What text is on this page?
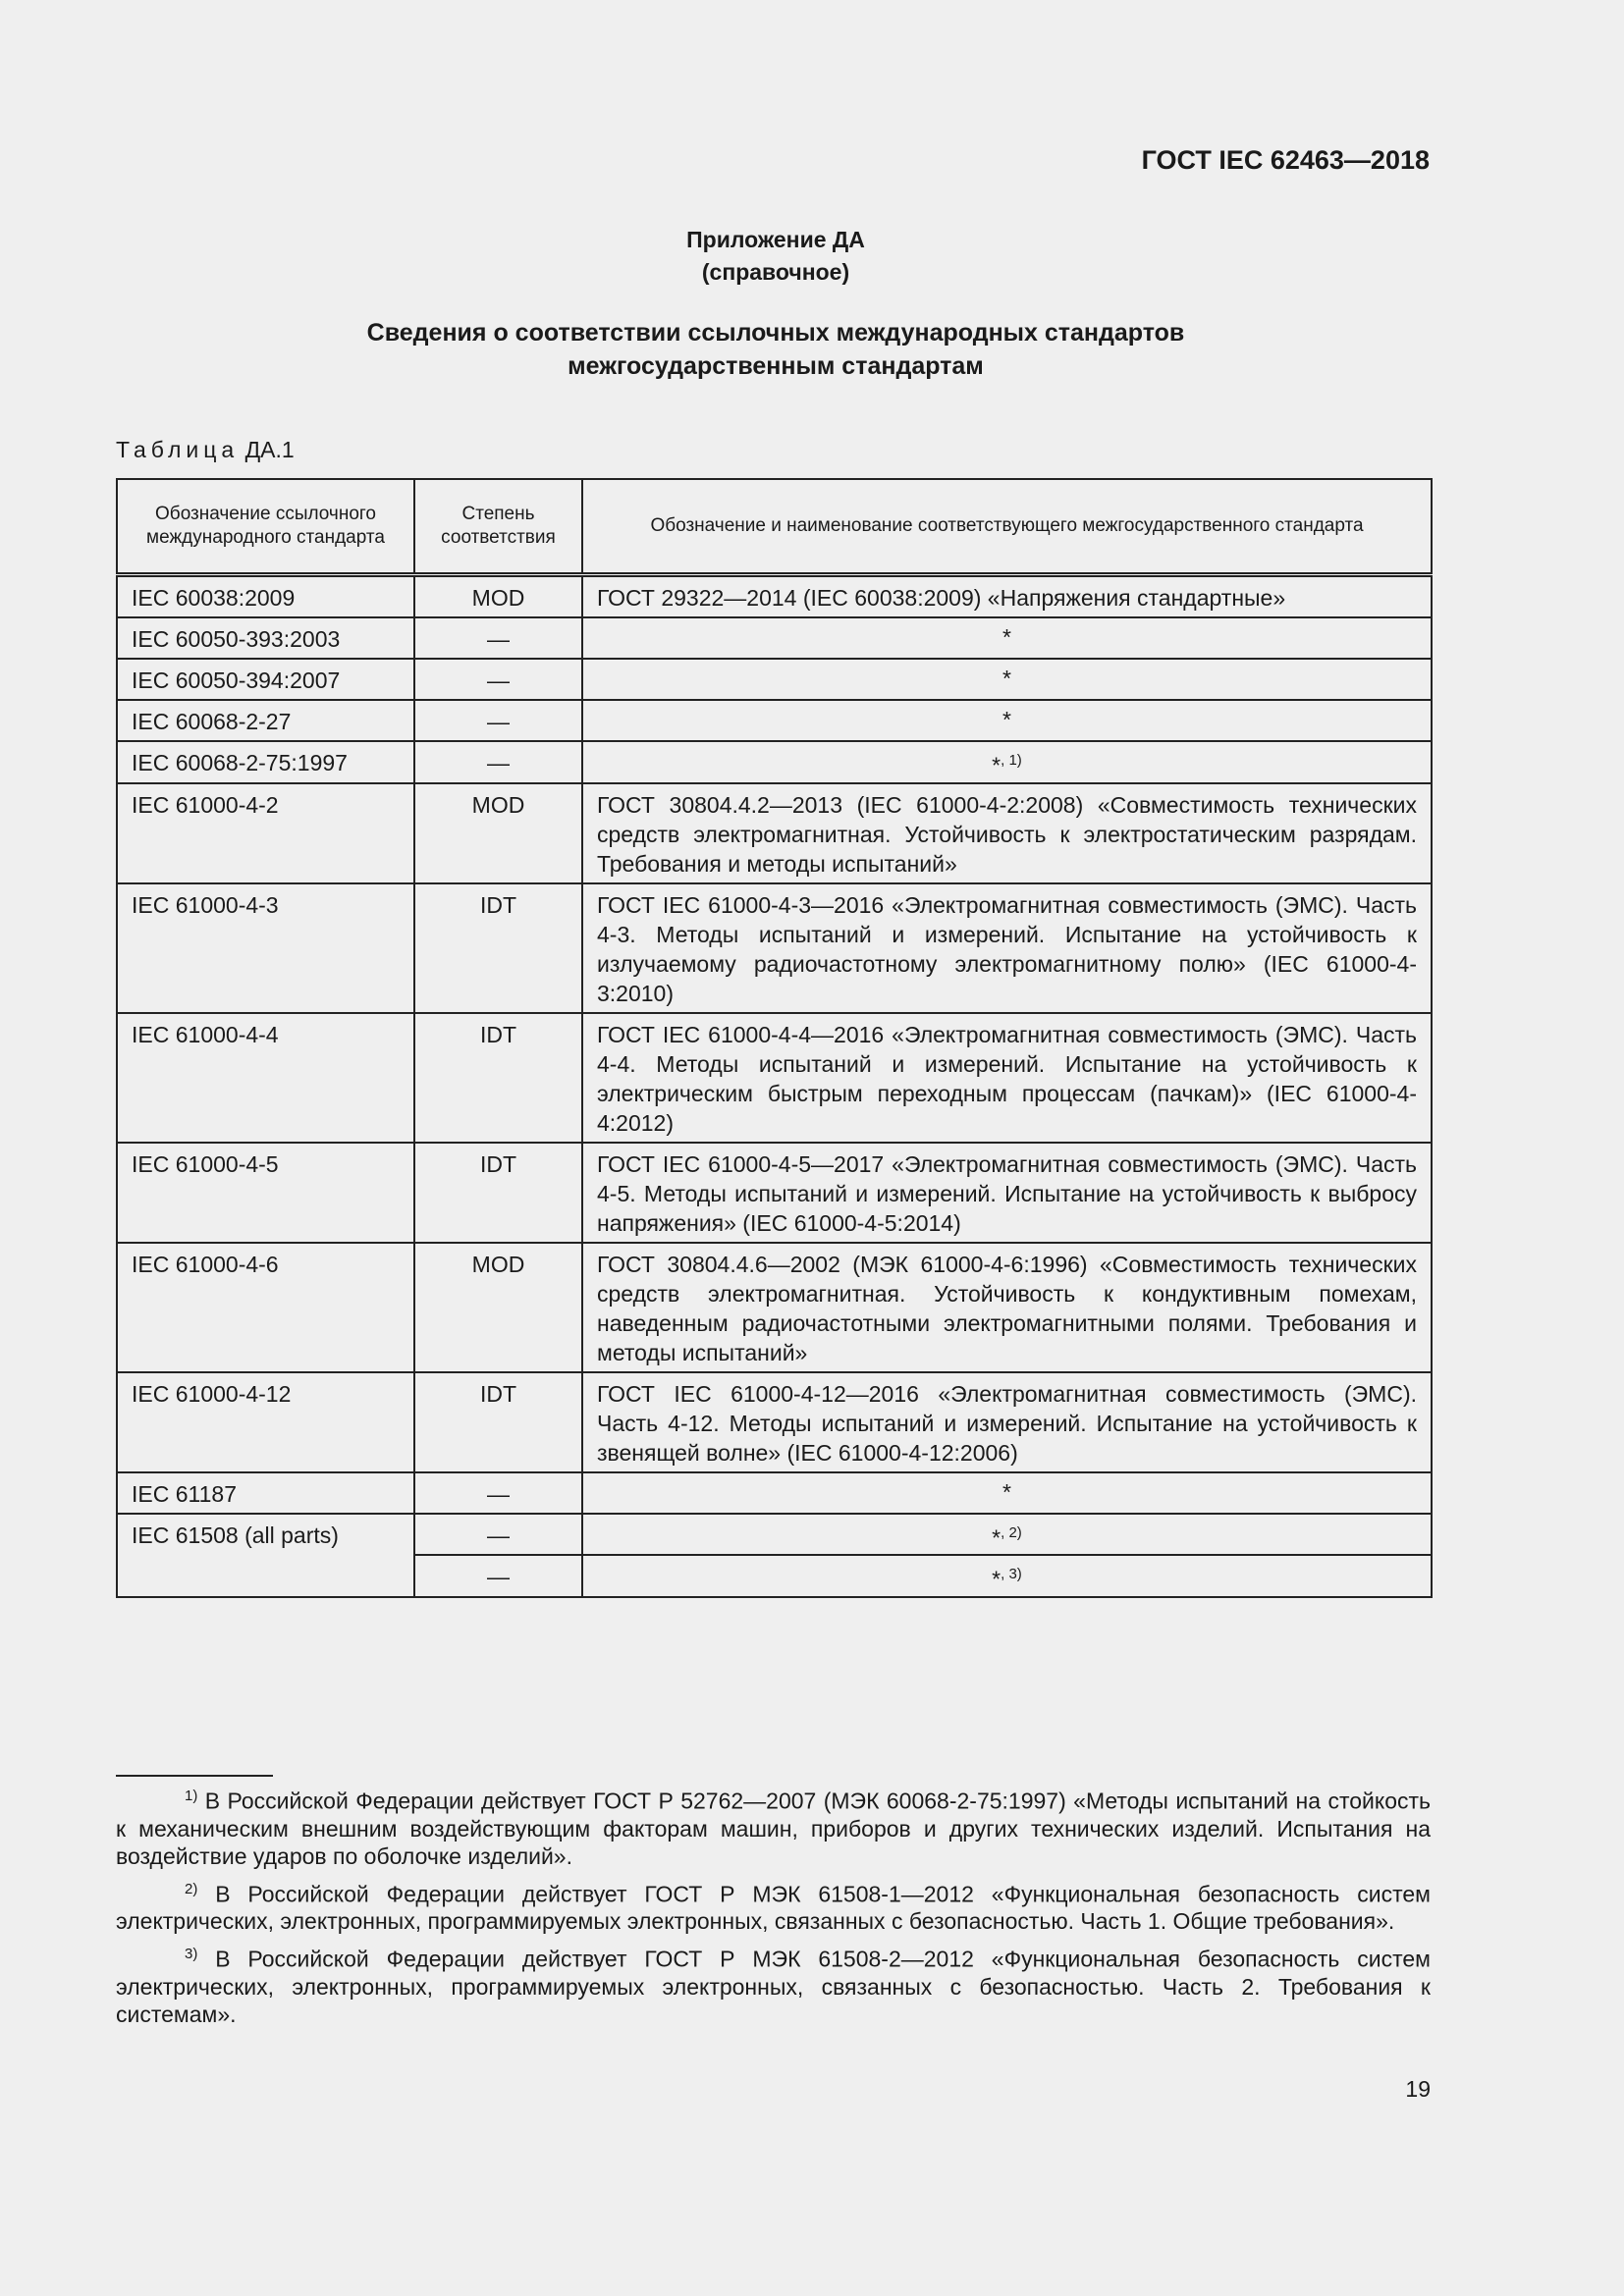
ГОСТ IEC 62463—2018
Приложение ДА
(справочное)
Сведения о соответствии ссылочных международных стандартов
межгосударственным стандартам
Таблица ДА.1
Обозначение ссылочного международного стандарта	Степень соответствия	Обозначение и наименование соответствующего межгосударственного стандарта
IEC 60038:2009	MOD	ГОСТ 29322—2014 (IEC 60038:2009) «Напряжения стандартные»
IEC 60050-393:2003	—	*
IEC 60050-394:2007	—	*
IEC 60068-2-27	—	*
IEC 60068-2-75:1997	—	*$^{, 1)}$
IEC 61000-4-2	MOD	ГОСТ 30804.4.2—2013 (IEC 61000-4-2:2008) «Совместимость технических средств электромагнитная. Устойчивость к электростатическим разрядам. Требования и методы испытаний»
IEC 61000-4-3	IDT	ГОСТ IEC 61000-4-3—2016 «Электромагнитная совместимость (ЭМС). Часть 4-3. Методы испытаний и измерений. Испытание на устойчивость к излучаемому радиочастотному электромагнитному полю» (IEC 61000-4-3:2010)
IEC 61000-4-4	IDT	ГОСТ IEC 61000-4-4—2016 «Электромагнитная совместимость (ЭМС). Часть 4-4. Методы испытаний и измерений. Испытание на устойчивость к электрическим быстрым переходным процессам (пачкам)» (IEC 61000-4-4:2012)
IEC 61000-4-5	IDT	ГОСТ IEC 61000-4-5—2017 «Электромагнитная совместимость (ЭМС). Часть 4-5. Методы испытаний и измерений. Испытание на устойчивость к выбросу напряжения» (IEC 61000-4-5:2014)
IEC 61000-4-6	MOD	ГОСТ 30804.4.6—2002 (МЭК 61000-4-6:1996) «Совместимость технических средств электромагнитная. Устойчивость к кондуктивным помехам, наведенным радиочастотными электромагнитными полями. Требования и методы испытаний»
IEC 61000-4-12	IDT	ГОСТ IEC 61000-4-12—2016 «Электромагнитная совместимость (ЭМС). Часть 4-12. Методы испытаний и измерений. Испытание на устойчивость к звенящей волне» (IEC 61000-4-12:2006)
IEC 61187	—	*
IEC 61508 (all parts)	—	*$^{, 2)}$
	—	*$^{, 3)}$
$^{1)}$ В Российской Федерации действует ГОСТ Р 52762—2007 (МЭК 60068-2-75:1997) «Методы испытаний на стойкость к механическим внешним воздействующим факторам машин, приборов и других технических изделий. Испытания на воздействие ударов по оболочке изделий».
$^{2)}$ В Российской Федерации действует ГОСТ Р МЭК 61508-1—2012 «Функциональная безопасность систем электрических, электронных, программируемых электронных, связанных с безопасностью. Часть 1. Общие требования».
$^{3)}$ В Российской Федерации действует ГОСТ Р МЭК 61508-2—2012 «Функциональная безопасность систем электрических, электронных, программируемых электронных, связанных с безопасностью. Часть 2. Требования к системам».
19
